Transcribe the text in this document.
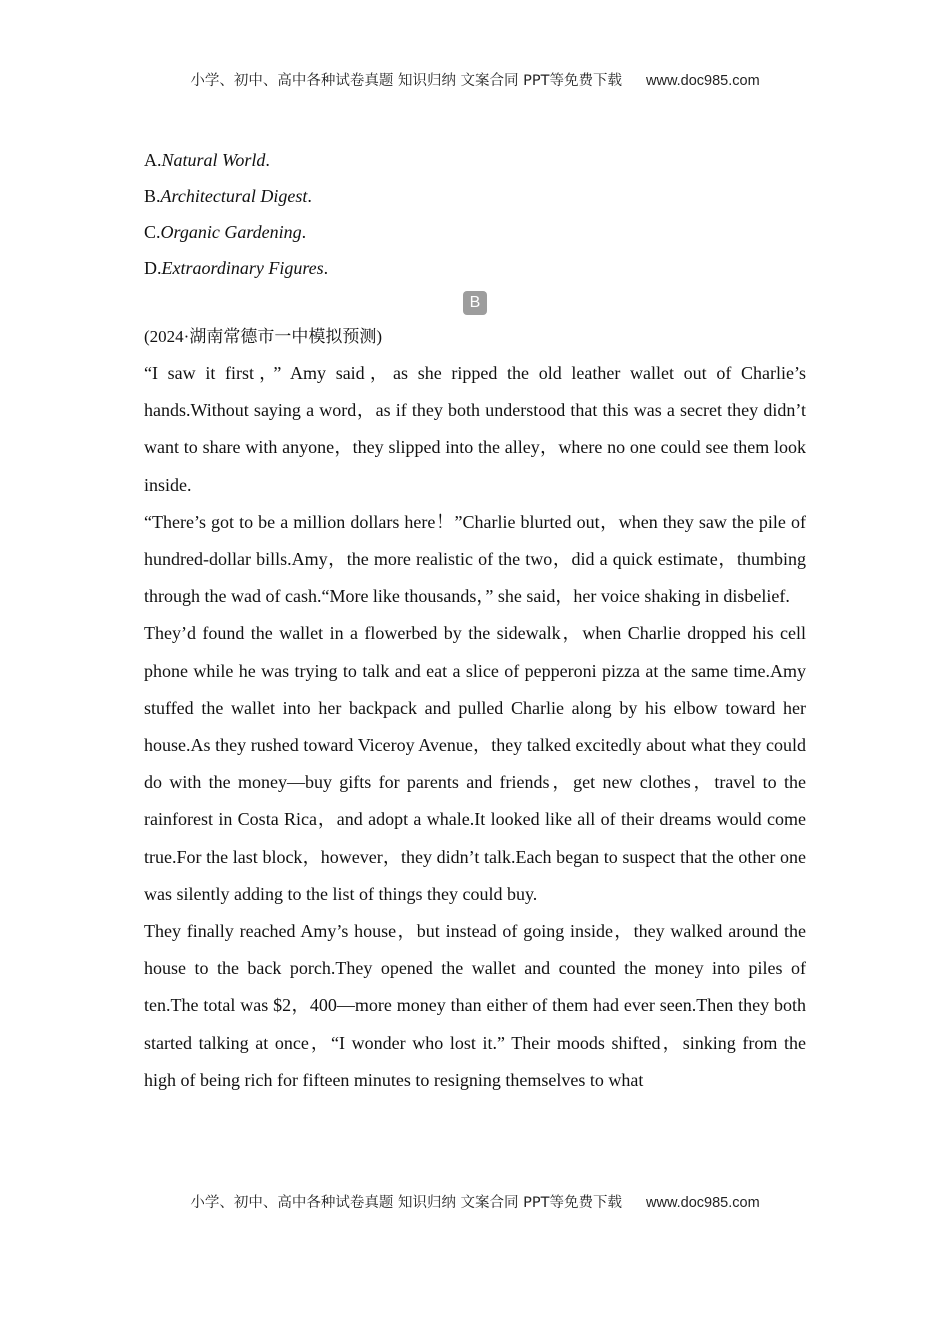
小学、初中、高中各种试卷真题 知识归纳 文案合同 PPT等免费下载 www.doc985.com
A.Natural World.
B.Architectural Digest.
C.Organic Gardening.
D.Extraordinary Figures.
B
(2024·湖南常德市一中模拟预测)

“I saw it first，” Amy said，as she ripped the old leather wallet out of Charlie’s hands.Without saying a word，as if they both understood that this was a secret they didn’t want to share with anyone，they slipped into the alley，where no one could see them look inside.

“There’s got to be a million dollars here！”Charlie blurted out，when they saw the pile of hundred-dollar bills.Amy，the more realistic of the two，did a quick estimate，thumbing through the wad of cash.“More like thousands，” she said，her voice shaking in disbelief.

They’d found the wallet in a flowerbed by the sidewalk，when Charlie dropped his cell phone while he was trying to talk and eat a slice of pepperoni pizza at the same time.Amy stuffed the wallet into her backpack and pulled Charlie along by his elbow toward her house.As they rushed toward Viceroy Avenue，they talked excitedly about what they could do with the money—buy gifts for parents and friends，get new clothes，travel to the rainforest in Costa Rica，and adopt a whale.It looked like all of their dreams would come true.For the last block，however，they didn’t talk.Each began to suspect that the other one was silently adding to the list of things they could buy.

They finally reached Amy’s house，but instead of going inside，they walked around the house to the back porch.They opened the wallet and counted the money into piles of ten.The total was $2，400—more money than either of them had ever seen.Then they both started talking at once，“I wonder who lost it.” Their moods shifted，sinking from the high of being rich for fifteen minutes to resigning themselves to what

小学、初中、高中各种试卷真题 知识归纳 文案合同 PPT等免费下载 www.doc985.com
